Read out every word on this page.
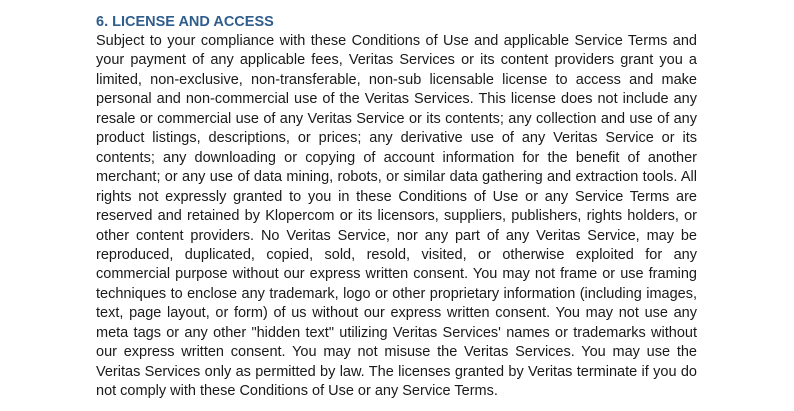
6. LICENSE AND ACCESS

Subject to your compliance with these Conditions of Use and applicable Service Terms and your payment of any applicable fees, Veritas Services or its content providers grant you a limited, non-exclusive, non-transferable, non-sub licensable license to access and make personal and non-commercial use of the Veritas Services. This license does not include any resale or commercial use of any Veritas Service or its contents; any collection and use of any product listings, descriptions, or prices; any derivative use of any Veritas Service or its contents; any downloading or copying of account information for the benefit of another merchant; or any use of data mining, robots, or similar data gathering and extraction tools. All rights not expressly granted to you in these Conditions of Use or any Service Terms are reserved and retained by Klopercom or its licensors, suppliers, publishers, rights holders, or other content providers. No Veritas Service, nor any part of any Veritas Service, may be reproduced, duplicated, copied, sold, resold, visited, or otherwise exploited for any commercial purpose without our express written consent. You may not frame or use framing techniques to enclose any trademark, logo or other proprietary information (including images, text, page layout, or form) of us without our express written consent. You may not use any meta tags or any other "hidden text" utilizing Veritas Services' names or trademarks without our express written consent. You may not misuse the Veritas Services. You may use the Veritas Services only as permitted by law. The licenses granted by Veritas terminate if you do not comply with these Conditions of Use or any Service Terms.
